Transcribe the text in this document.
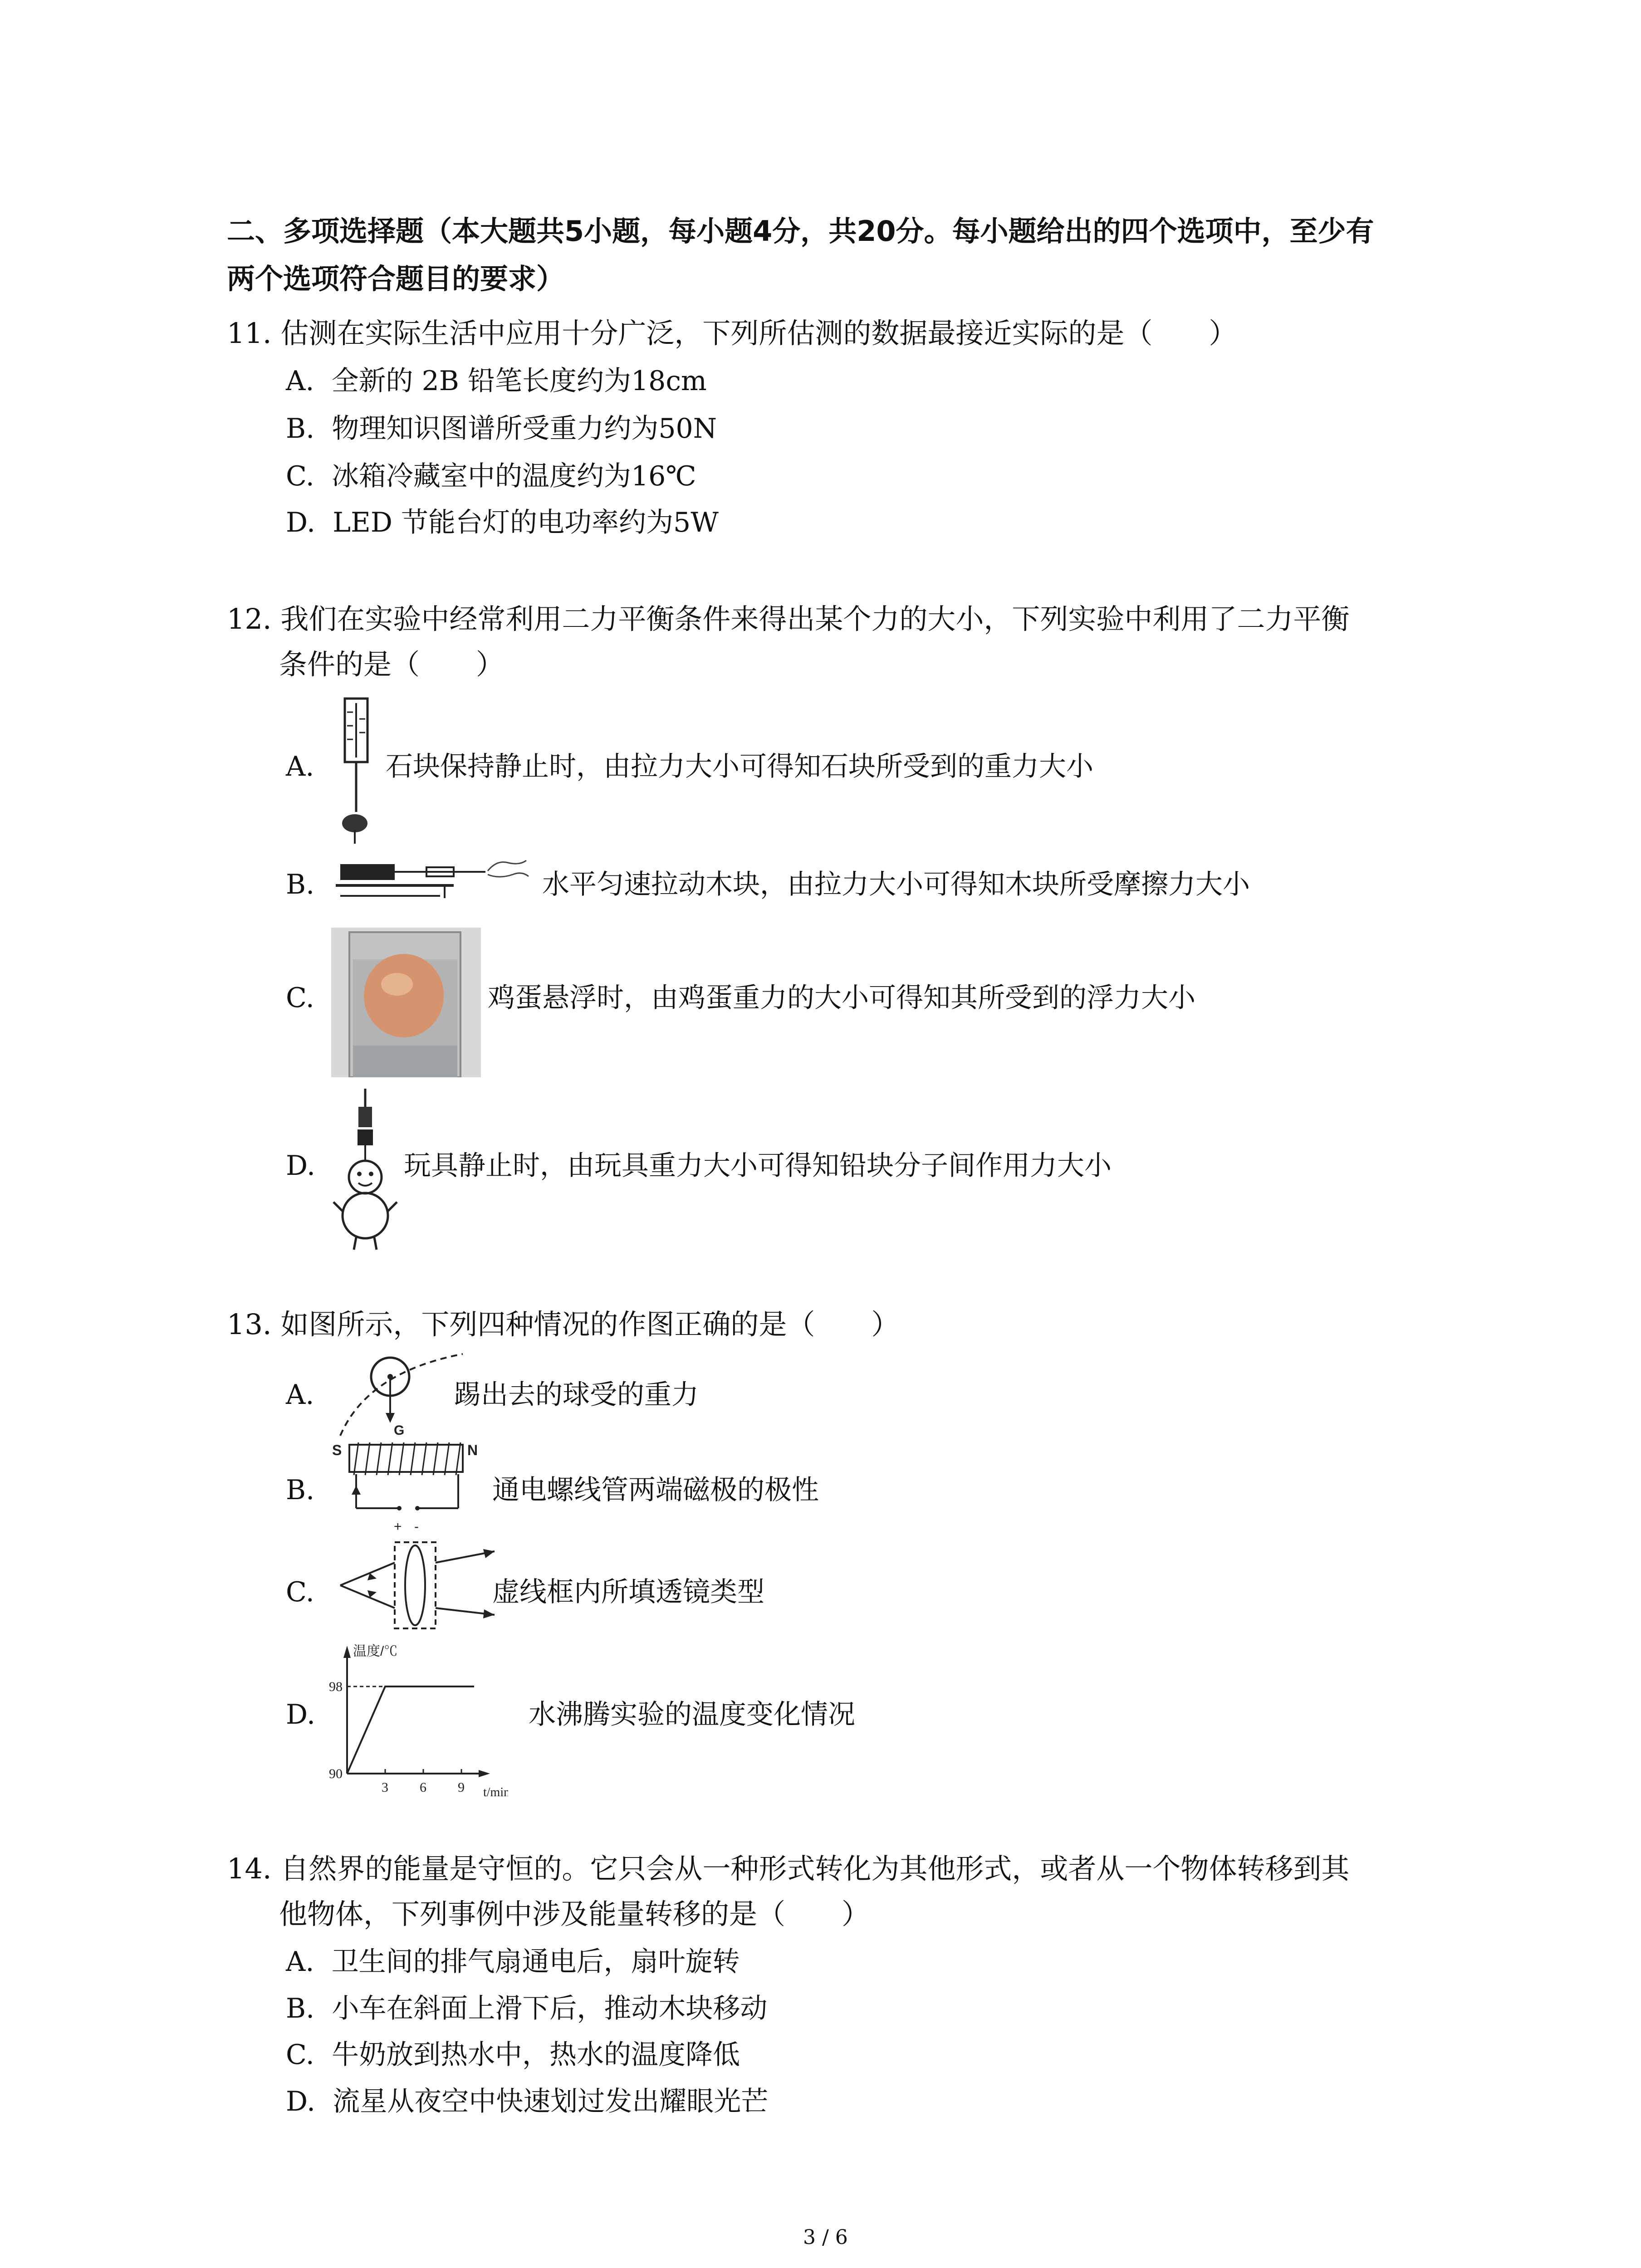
二、多项选择题（本大题共5小题，每小题4分，共20分。每小题给出的四个选项中，至少有
两个选项符合题目的要求）
11. 估测在实际生活中应用十分广泛，下列所估测的数据最接近实际的是（　　）
A. 全新的 2B 铅笔长度约为18cm
B. 物理知识图谱所受重力约为50N
C. 冰箱冷藏室中的温度约为16℃
D. LED 节能台灯的电功率约为5W
12. 我们在实验中经常利用二力平衡条件来得出某个力的大小，下列实验中利用了二力平衡
条件的是（　　）
A.	石块保持静止时，由拉力大小可得知石块所受到的重力大小
B.	水平匀速拉动木块，由拉力大小可得知木块所受摩擦力大小
C.	鸡蛋悬浮时，由鸡蛋重力的大小可得知其所受到的浮力大小
D.	玩具静止时，由玩具重力大小可得知铅块分子间作用力大小
13. 如图所示，下列四种情况的作图正确的是（　　）
A.
G
踢出去的球受的重力
B.
S	N
+ -
通电螺线管两端磁极的极性
C.	虚线框内所填透镜类型
D.
温度/℃
t/min
90
98
3 6 9
水沸腾实验的温度变化情况
14. 自然界的能量是守恒的。它只会从一种形式转化为其他形式，或者从一个物体转移到其
他物体，下列事例中涉及能量转移的是（　　）
A. 卫生间的排气扇通电后，扇叶旋转
B. 小车在斜面上滑下后，推动木块移动
C. 牛奶放到热水中，热水的温度降低
D. 流星从夜空中快速划过发出耀眼光芒
3 / 6
